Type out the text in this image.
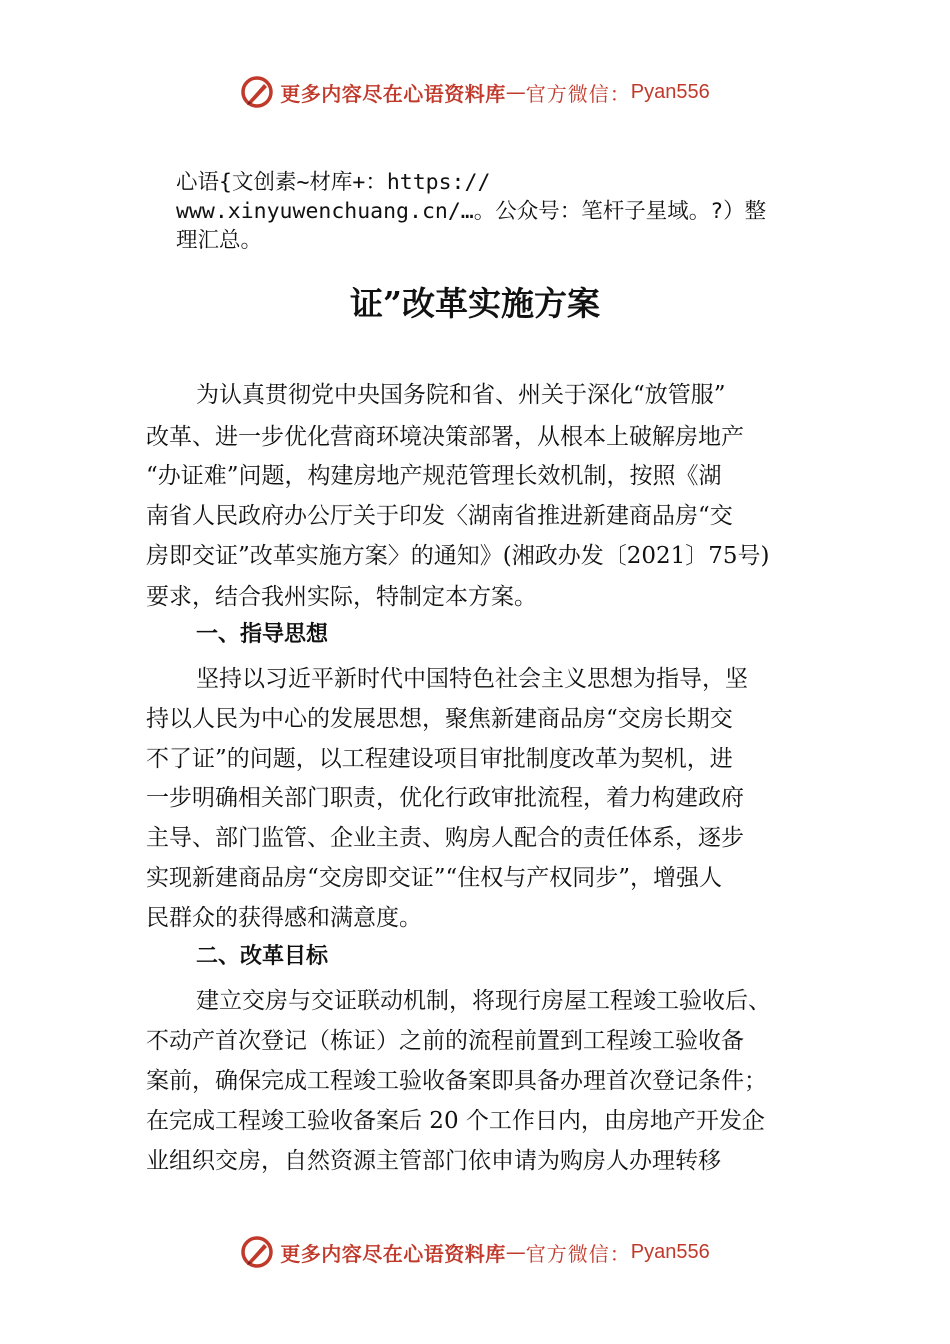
更多内容尽在心语资料库 — 官方微信： Pyan556
心语{文创素~材库+：https://
www.xinyuwenchuang.cn/…。公众号：笔杆子星域。?）整
理汇总。
证”改革实施方案
为认真贯彻党中央国务院和省、州关于深化“放管服”
改革、进一步优化营商环境决策部署，从根本上破解房地产
“办证难”问题，构建房地产规范管理长效机制，按照《湖
南省人民政府办公厅关于印发〈湖南省推进新建商品房“交
房即交证”改革实施方案〉的通知》(湘政办发〔2021〕75号)
要求，结合我州实际，特制定本方案。
一、指导思想
坚持以习近平新时代中国特色社会主义思想为指导，坚
持以人民为中心的发展思想，聚焦新建商品房“交房长期交
不了证”的问题，以工程建设项目审批制度改革为契机，进
一步明确相关部门职责，优化行政审批流程，着力构建政府
主导、部门监管、企业主责、购房人配合的责任体系，逐步
实现新建商品房“交房即交证”“住权与产权同步”，增强人
民群众的获得感和满意度。
二、改革目标
建立交房与交证联动机制，将现行房屋工程竣工验收后、
不动产首次登记（栋证）之前的流程前置到工程竣工验收备
案前，确保完成工程竣工验收备案即具备办理首次登记条件；
在完成工程竣工验收备案后 20 个工作日内，由房地产开发企
业组织交房，自然资源主管部门依申请为购房人办理转移
更多内容尽在心语资料库 — 官方微信： Pyan556
